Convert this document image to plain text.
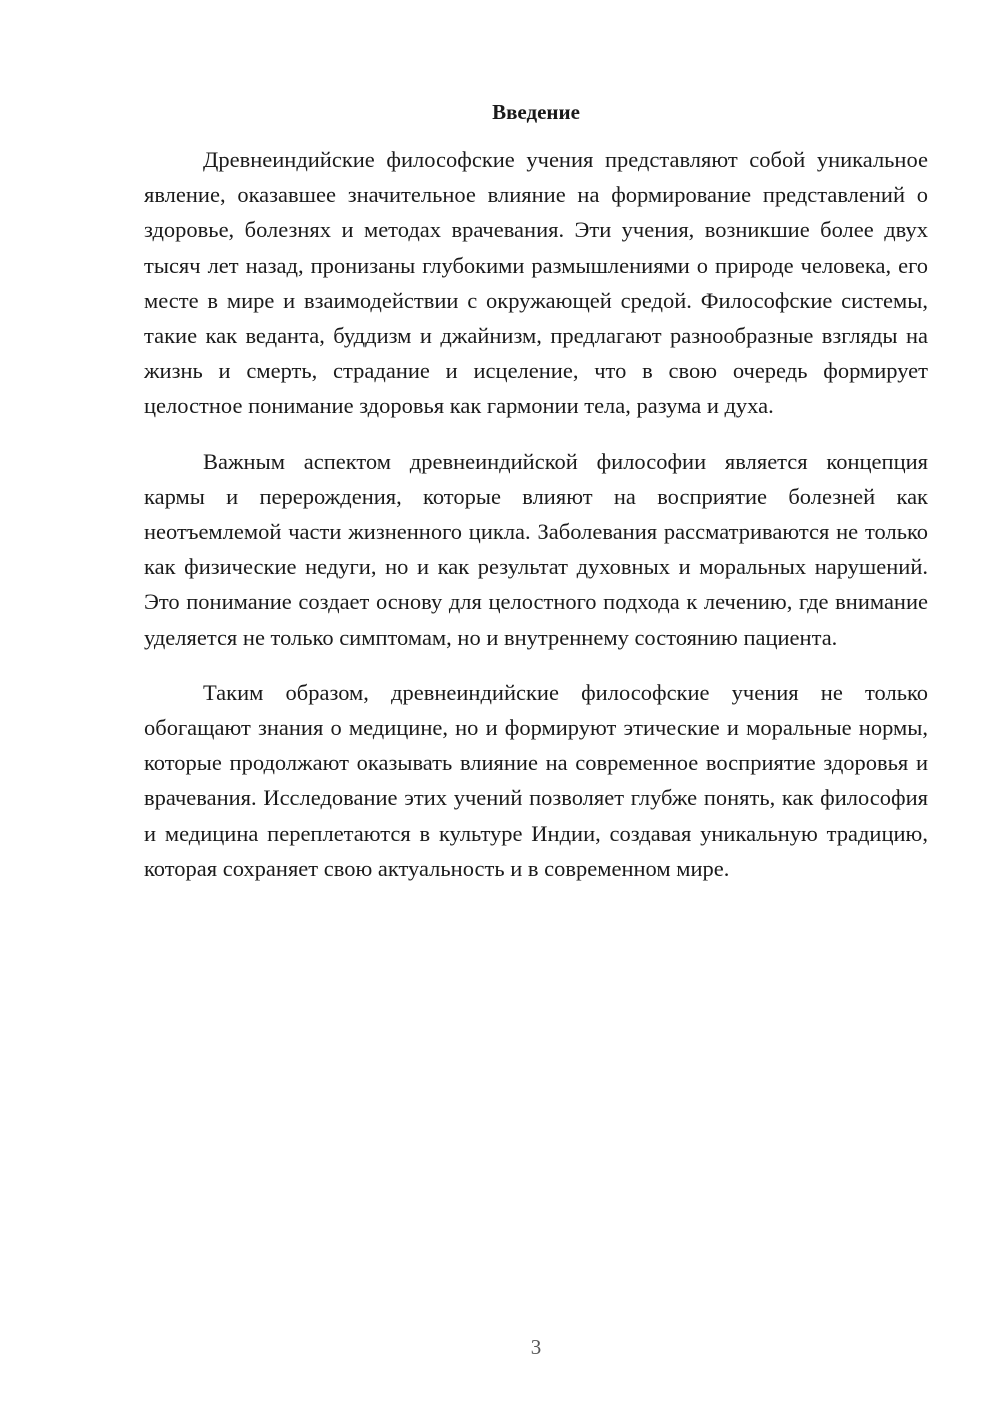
Введение

Древнеиндийские философские учения представляют собой уникальное явление, оказавшее значительное влияние на формирование представлений о здоровье, болезнях и методах врачевания. Эти учения, возникшие более двух тысяч лет назад, пронизаны глубокими размышлениями о природе человека, его месте в мире и взаимодействии с окружающей средой. Философские системы, такие как веданта, буддизм и джайнизм, предлагают разнообразные взгляды на жизнь и смерть, страдание и исцеление, что в свою очередь формирует целостное понимание здоровья как гармонии тела, разума и духа.

Важным аспектом древнеиндийской философии является концепция кармы и перерождения, которые влияют на восприятие болезней как неотъемлемой части жизненного цикла. Заболевания рассматриваются не только как физические недуги, но и как результат духовных и моральных нарушений. Это понимание создает основу для целостного подхода к лечению, где внимание уделяется не только симптомам, но и внутреннему состоянию пациента.

Таким образом, древнеиндийские философские учения не только обогащают знания о медицине, но и формируют этические и моральные нормы, которые продолжают оказывать влияние на современное восприятие здоровья и врачевания. Исследование этих учений позволяет глубже понять, как философия и медицина переплетаются в культуре Индии, создавая уникальную традицию, которая сохраняет свою актуальность и в современном мире.

3
